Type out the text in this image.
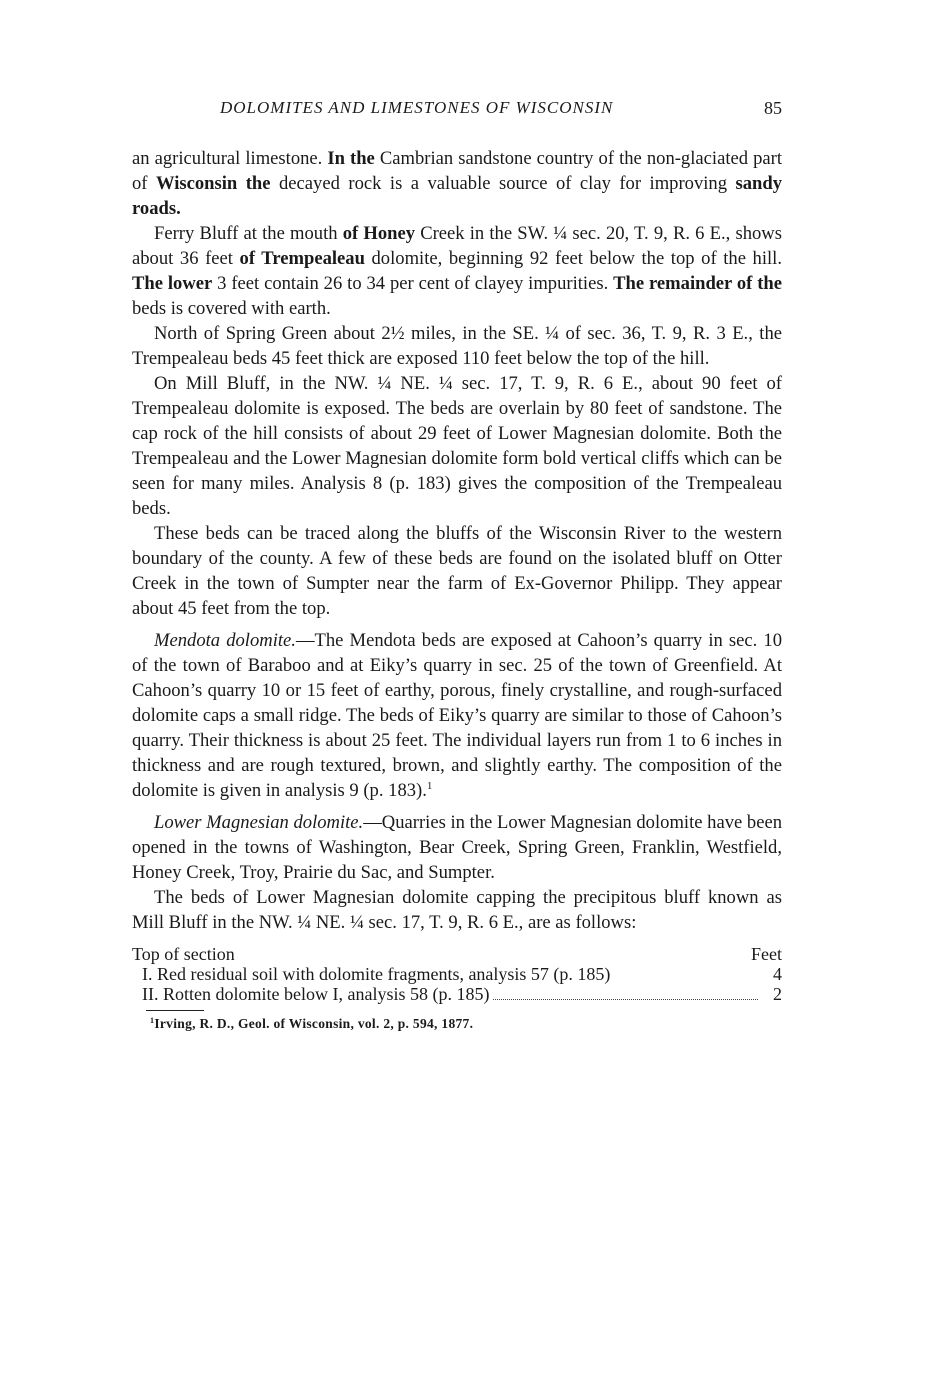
DOLOMITES AND LIMESTONES OF WISCONSIN	85

an agricultural limestone. In the Cambrian sandstone country of the non-glaciated part of Wisconsin the decayed rock is a valuable source of clay for improving sandy roads.

Ferry Bluff at the mouth of Honey Creek in the SW. ¼ sec. 20, T. 9, R. 6 E., shows about 36 feet of Trempealeau dolomite, beginning 92 feet below the top of the hill. The lower 3 feet contain 26 to 34 per cent of clayey impurities. The remainder of the beds is covered with earth.

North of Spring Green about 2½ miles, in the SE. ¼ of sec. 36, T. 9, R. 3 E., the Trempealeau beds 45 feet thick are exposed 110 feet below the top of the hill.

On Mill Bluff, in the NW. ¼ NE. ¼ sec. 17, T. 9, R. 6 E., about 90 feet of Trempealeau dolomite is exposed. The beds are overlain by 80 feet of sandstone. The cap rock of the hill consists of about 29 feet of Lower Magnesian dolomite. Both the Trempealeau and the Lower Magnesian dolomite form bold vertical cliffs which can be seen for many miles. Analysis 8 (p. 183) gives the composition of the Trempealeau beds.

These beds can be traced along the bluffs of the Wisconsin River to the western boundary of the county. A few of these beds are found on the isolated bluff on Otter Creek in the town of Sumpter near the farm of Ex-Governor Philipp. They appear about 45 feet from the top.

Mendota dolomite.—The Mendota beds are exposed at Cahoon’s quarry in sec. 10 of the town of Baraboo and at Eiky’s quarry in sec. 25 of the town of Greenfield. At Cahoon’s quarry 10 or 15 feet of earthy, porous, finely crystalline, and rough-surfaced dolomite caps a small ridge. The beds of Eiky’s quarry are similar to those of Cahoon’s quarry. Their thickness is about 25 feet. The individual layers run from 1 to 6 inches in thickness and are rough textured, brown, and slightly earthy. The composition of the dolomite is given in analysis 9 (p. 183).$^1$

Lower Magnesian dolomite.—Quarries in the Lower Magnesian dolomite have been opened in the towns of Washington, Bear Creek, Spring Green, Franklin, Westfield, Honey Creek, Troy, Prairie du Sac, and Sumpter.

The beds of Lower Magnesian dolomite capping the precipitous bluff known as Mill Bluff in the NW. ¼ NE. ¼ sec. 17, T. 9, R. 6 E., are as follows:

Top of section	Feet
I. Red residual soil with dolomite fragments, analysis 57 (p. 185)	4
II. Rotten dolomite below I, analysis 58 (p. 185)	2
$^1$Irving, R. D., Geol. of Wisconsin, vol. 2, p. 594, 1877.
